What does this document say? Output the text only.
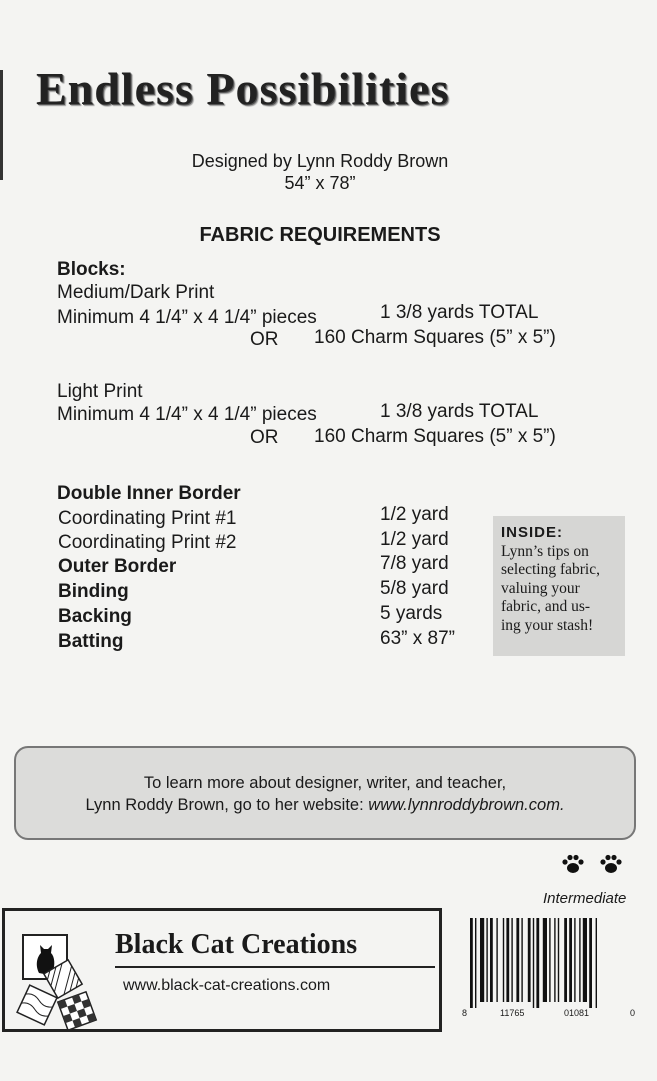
Endless Possibilities
Designed by Lynn Roddy Brown
54” x 78”
FABRIC REQUIREMENTS
Blocks:
Medium/Dark Print
Minimum 4 1/4” x 4 1/4” pieces	1 3/8 yards TOTAL
OR 160 Charm Squares (5” x 5”)
Light Print
Minimum 4 1/4” x 4 1/4” pieces	1 3/8 yards TOTAL
OR 160 Charm Squares (5” x 5”)
Double Inner Border
Coordinating Print #1	1/2 yard
Coordinating Print #2	1/2 yard
Outer Border	7/8 yard
Binding	5/8 yard
Backing	5 yards
Batting	63” x 87”
INSIDE:
Lynn’s tips on
selecting fabric,
valuing your
fabric, and us-
ing your stash!
To learn more about designer, writer, and teacher,
Lynn Roddy Brown, go to her website: www.lynnroddybrown.com.

Intermediate
Black Cat Creations
www.black-cat-creations.com
8	11765	01081	0
